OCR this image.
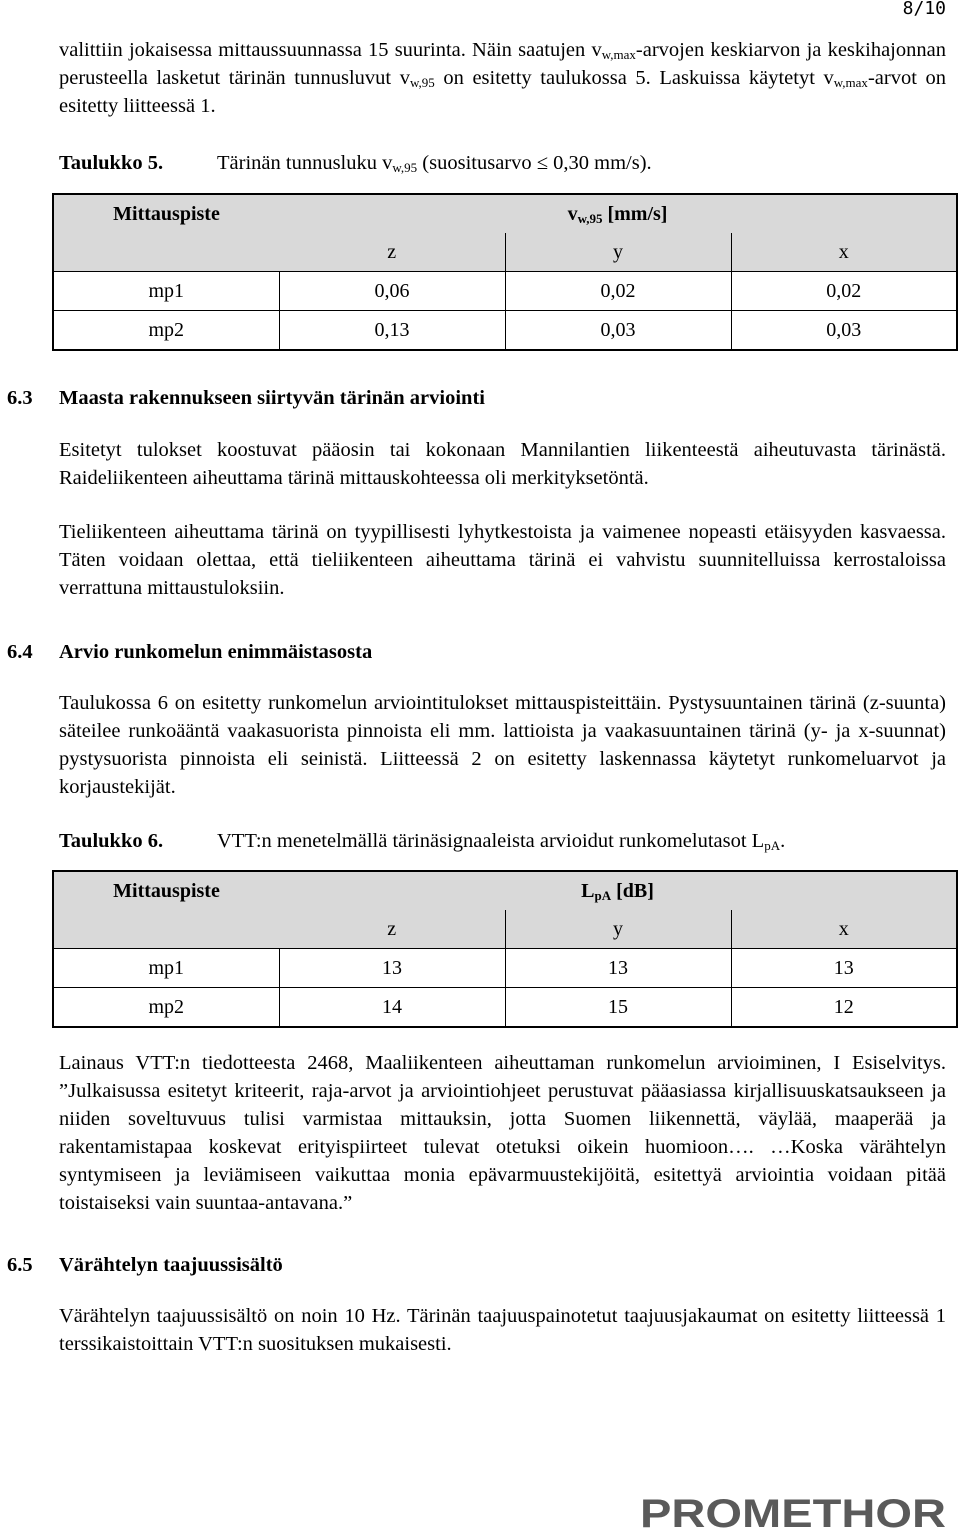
8/10

valittiin jokaisessa mittaussuunnassa 15 suurinta. Näin saatujen $v_{w,max}$-arvojen keskiarvon ja keskihajonnan perusteella lasketut tärinän tunnusluvut $v_{w,95}$ on esitetty taulukossa 5. Laskuissa käytetyt $v_{w,max}$-arvot on esitetty liitteessä 1.

Taulukko 5.	Tärinän tunnusluku $v_{w,95}$ (suositusarvo ≤ 0,30 mm/s).
Mittauspiste	$v_{w,95}$ [mm/s]		
	z	y	x
mp1	0,06	0,02	0,02
mp2	0,13	0,03	0,03
6.3 Maasta rakennukseen siirtyvän tärinän arviointi

Esitetyt tulokset koostuvat pääosin tai kokonaan Mannilantien liikenteestä aiheutuvasta tärinästä. Raideliikenteen aiheuttama tärinä mittauskohteessa oli merkityksetöntä.

Tieliikenteen aiheuttama tärinä on tyypillisesti lyhytkestoista ja vaimenee nopeasti etäisyyden kasvaessa. Täten voidaan olettaa, että tieliikenteen aiheuttama tärinä ei vahvistu suunnitelluissa kerrostaloissa verrattuna mittaustuloksiin.

6.4 Arvio runkomelun enimmäistasosta

Taulukossa 6 on esitetty runkomelun arviointitulokset mittauspisteittäin. Pystysuuntainen tärinä (z-suunta) säteilee runkoääntä vaakasuorista pinnoista eli mm. lattioista ja vaakasuuntainen tärinä (y- ja x-suunnat) pystysuorista pinnoista eli seinistä. Liitteessä 2 on esitetty laskennassa käytetyt runkomeluarvot ja korjaustekijät.

Taulukko 6.	VTT:n menetelmällä tärinäsignaaleista arvioidut runkomelutasot $L_{pA}$.
Mittauspiste	$L_{pA}$ [dB]		
	z	y	x
mp1	13	13	13
mp2	14	15	12

Lainaus VTT:n tiedotteesta 2468, Maaliikenteen aiheuttaman runkomelun arvioiminen, I Esiselvitys. ”Julkaisussa esitetyt kriteerit, raja-arvot ja arviointiohjeet perustuvat pääasiassa kirjallisuuskatsaukseen ja niiden soveltuvuus tulisi varmistaa mittauksin, jotta Suomen liikennettä, väylää, maaperää ja rakentamistapaa koskevat erityispiirteet tulevat otetuksi oikein huomioon…. …Koska värähtelyn syntymiseen ja leviämiseen vaikuttaa monia epävarmuustekijöitä, esitettyä arviointia voidaan pitää toistaiseksi vain suuntaa-antavana.”

6.5 Värähtelyn taajuussisältö

Värähtelyn taajuussisältö on noin 10 Hz. Tärinän taajuuspainotetut taajuusjakaumat on esitetty liitteessä 1 terssikaistoittain VTT:n suosituksen mukaisesti.

PROMETHOR
